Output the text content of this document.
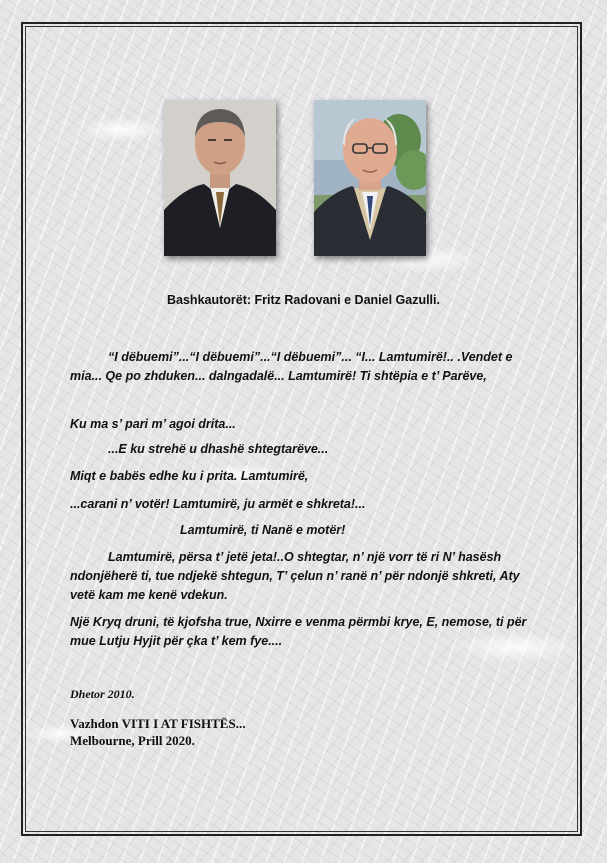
Bashkautorët: Fritz Radovani e Daniel Gazulli.
“I dëbuemi”...“I dëbuemi”...“I dëbuemi”... “I... Lamtumirë!.. .Vendet e mia... Qe po zhduken... dalngadalë... Lamtumirë! Ti shtëpia e t’ Parëve,
Ku ma s’ pari m’ agoi drita...
...E ku strehë u dhashë shtegtarëve...
Miqt e babës edhe ku i prita. Lamtumirë,
...carani n’ votër! Lamtumirë, ju armët e shkreta!...
Lamtumirë, ti Nanë e motër!
Lamtumirë, përsa t’ jetë jeta!..O shtegtar, n’ një vorr të ri N’ hasësh ndonjëherë ti, tue ndjekë shtegun, T’ çelun n’ ranë n’ për ndonjë shkreti, Aty vetë kam me kenë vdekun.
Një Kryq druni, të kjofsha true, Nxirre e venma përmbi krye, E, nemose, ti për mue Lutju Hyjit për çka t’ kem fye....
Dhetor 2010.
Vazhdon VITI I AT FISHTËS...
Melbourne, Prill 2020.
